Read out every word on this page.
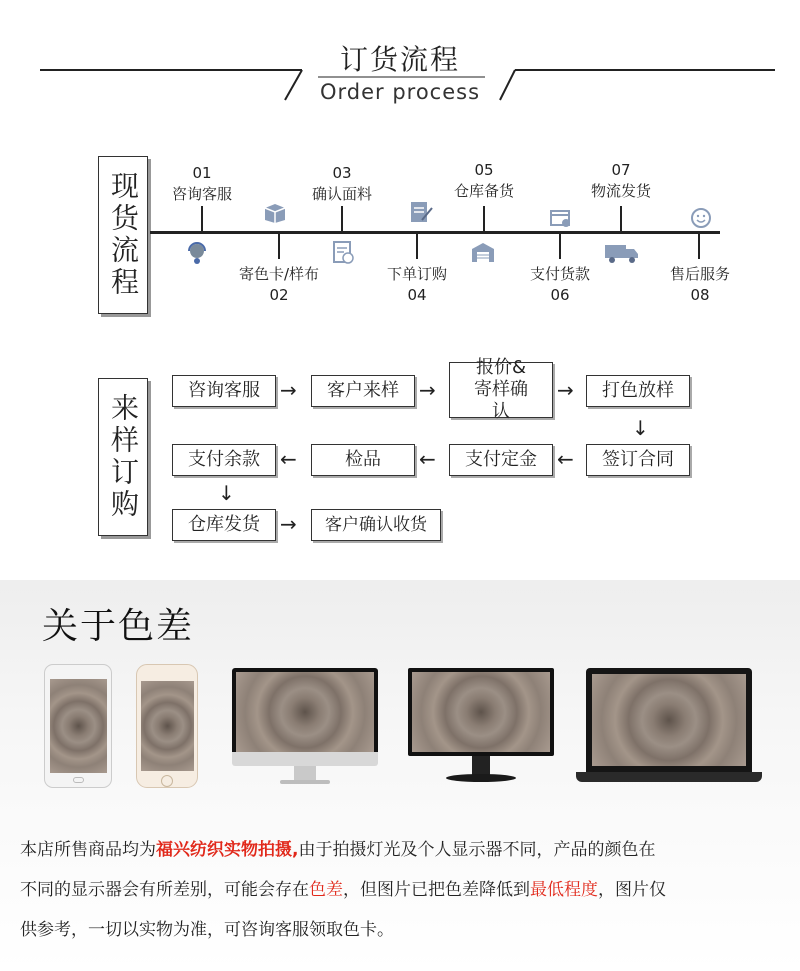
订货流程
Order process
现货流程	01
咨询客服
03
确认面料
05
仓库备货
07
物流发货
寄色卡/样布
02
下单订购
04
支付货款
06
售后服务
08
来样订购
咨询客服	→	客户来样	→
报价&寄样确认
→	打色放样
↓
签订合同
←
支付定金
←
检品
←
支付余款
↓
仓库发货	→	客户确认收货
关于色差
本店所售商品均为福兴纺织实物拍摄,由于拍摄灯光及个人显示器不同，产品的颜色在
不同的显示器会有所差别，可能会存在色差，但图片已把色差降低到最低程度，图片仅
供参考，一切以实物为准，可咨询客服领取色卡。
